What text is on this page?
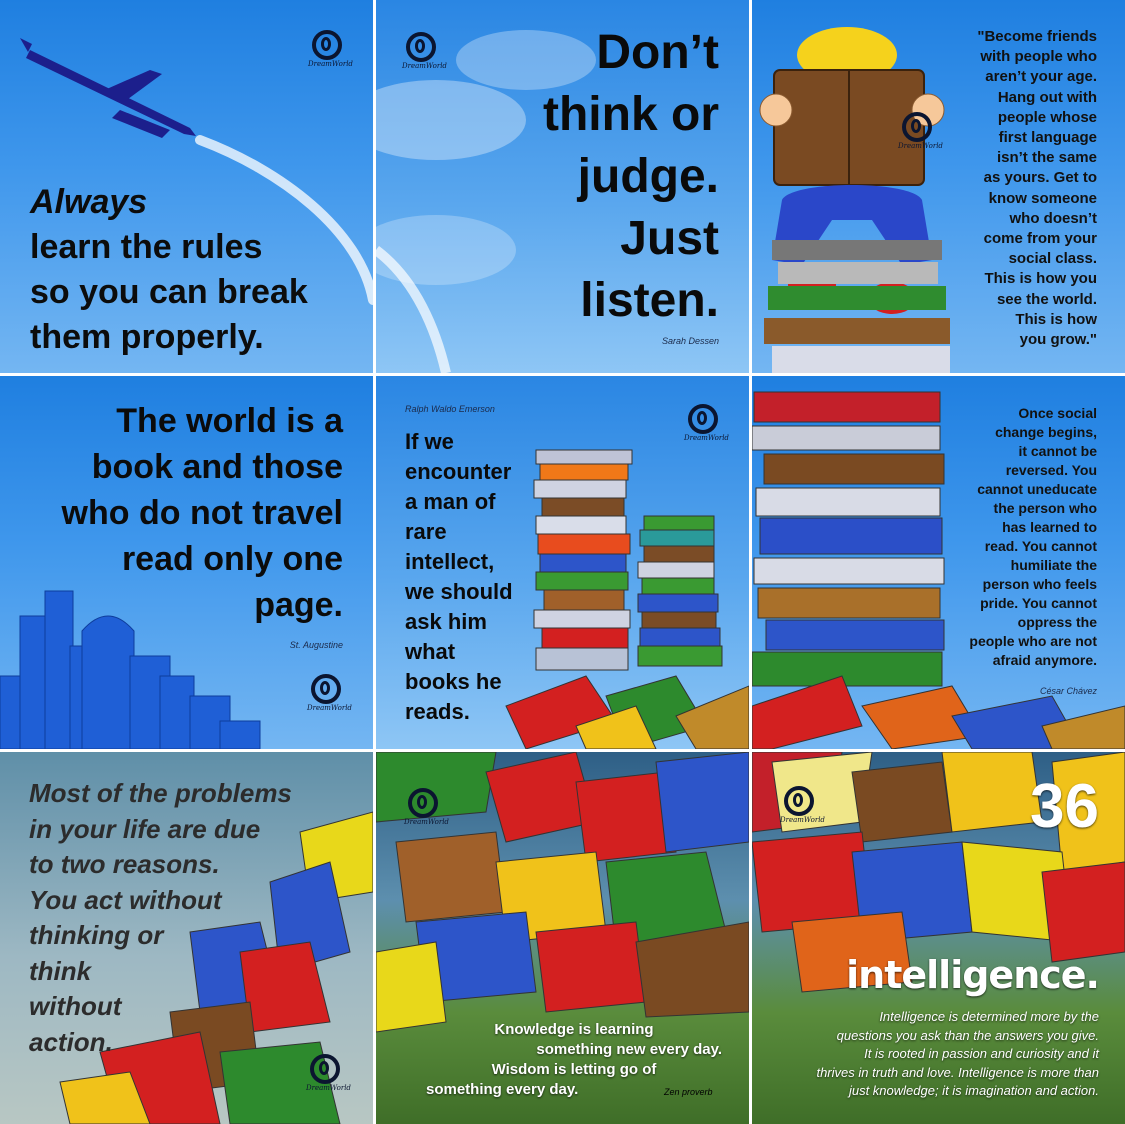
DreamWorld
Always
learn the rules
so you can break
them properly.
DreamWorld	Don’t
think or
judge.
Just
listen.
Sarah Dessen
DreamWorld
"Become friends
with people who
aren’t your age.
Hang out with
people whose
first language
isn’t the same
as yours. Get to
know someone
who doesn’t
come from your
social class.
This is how you
see the world.
This is how
you grow."
The world is a
book and those
who do not travel
read only one
page.
St. Augustine
DreamWorld
Ralph Waldo Emerson
DreamWorld
If we
encounter
a man of
rare
intellect,
we should
ask him
what
books he
reads.
Once social
change begins,
it cannot be
reversed. You
cannot uneducate
the person who
has learned to
read. You cannot
humiliate the
person who feels
pride. You cannot
oppress the
people who are not
afraid anymore.
César Chávez
Most of the problems
in your life are due
to two reasons.
You act without
thinking or
think
without
action.
DreamWorld
DreamWorld
Knowledge is learning
something new every day.
Wisdom is letting go of
something every day.	Zen proverb
DreamWorld	36
intelligence.
Intelligence is determined more by the
questions you ask than the answers you give.
It is rooted in passion and curiosity and it
thrives in truth and love. Intelligence is more than
just knowledge; it is imagination and action.
